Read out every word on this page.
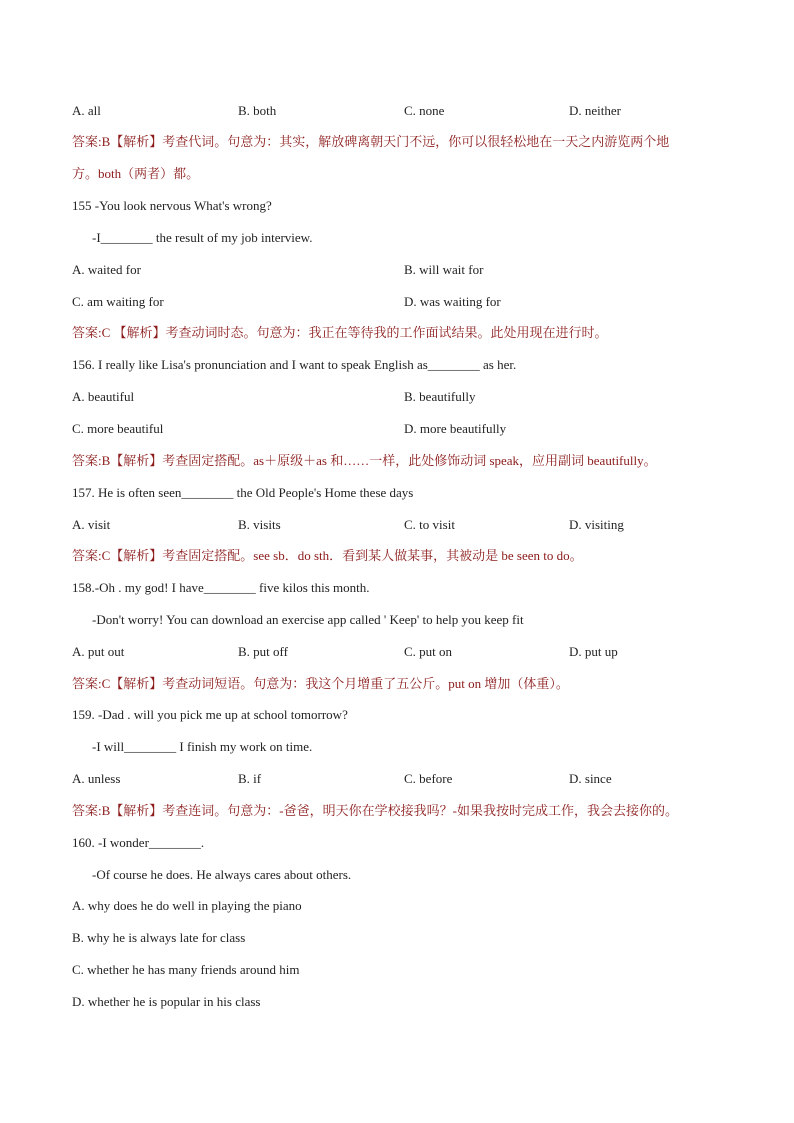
A. all	B. both	C. none	D. neither
答案:B【解析】考查代词。句意为：其实，解放碑离朝天门不远，你可以很轻松地在一天之内游览两个地
方。both（两者）都。
155 -You look nervous What's wrong?
-I________ the result of my job interview.
A. waited for	B. will wait for
C. am waiting for	D. was waiting for
答案:C 【解析】考查动词时态。句意为：我正在等待我的工作面试结果。此处用现在进行时。
156. I really like Lisa's pronunciation and I want to speak English as________ as her.
A. beautiful	B. beautifully
C. more beautiful	D. more beautifully
答案:B【解析】考查固定搭配。as＋原级＋as 和……一样，此处修饰动词 speak，应用副词 beautifully。
157. He is often seen________ the Old People's Home these days
A. visit	B. visits	C. to visit	D. visiting
答案:C【解析】考查固定搭配。see sb．do sth．看到某人做某事，其被动是 be seen to do。
158.-Oh . my god! I have________ five kilos this month.
-Don't worry! You can download an exercise app called ' Keep' to help you keep fit
A. put out	B. put off	C. put on	D. put up
答案:C【解析】考查动词短语。句意为：我这个月增重了五公斤。put on 增加（体重）。
159. -Dad . will you pick me up at school tomorrow?
-I will________ I finish my work on time.
A. unless	B. if	C. before	D. since
答案:B【解析】考查连词。句意为：-爸爸，明天你在学校接我吗？-如果我按时完成工作，我会去接你的。
160. -I wonder________.
-Of course he does. He always cares about others.
A. why does he do well in playing the piano
B. why he is always late for class
C. whether he has many friends around him
D. whether he is popular in his class
